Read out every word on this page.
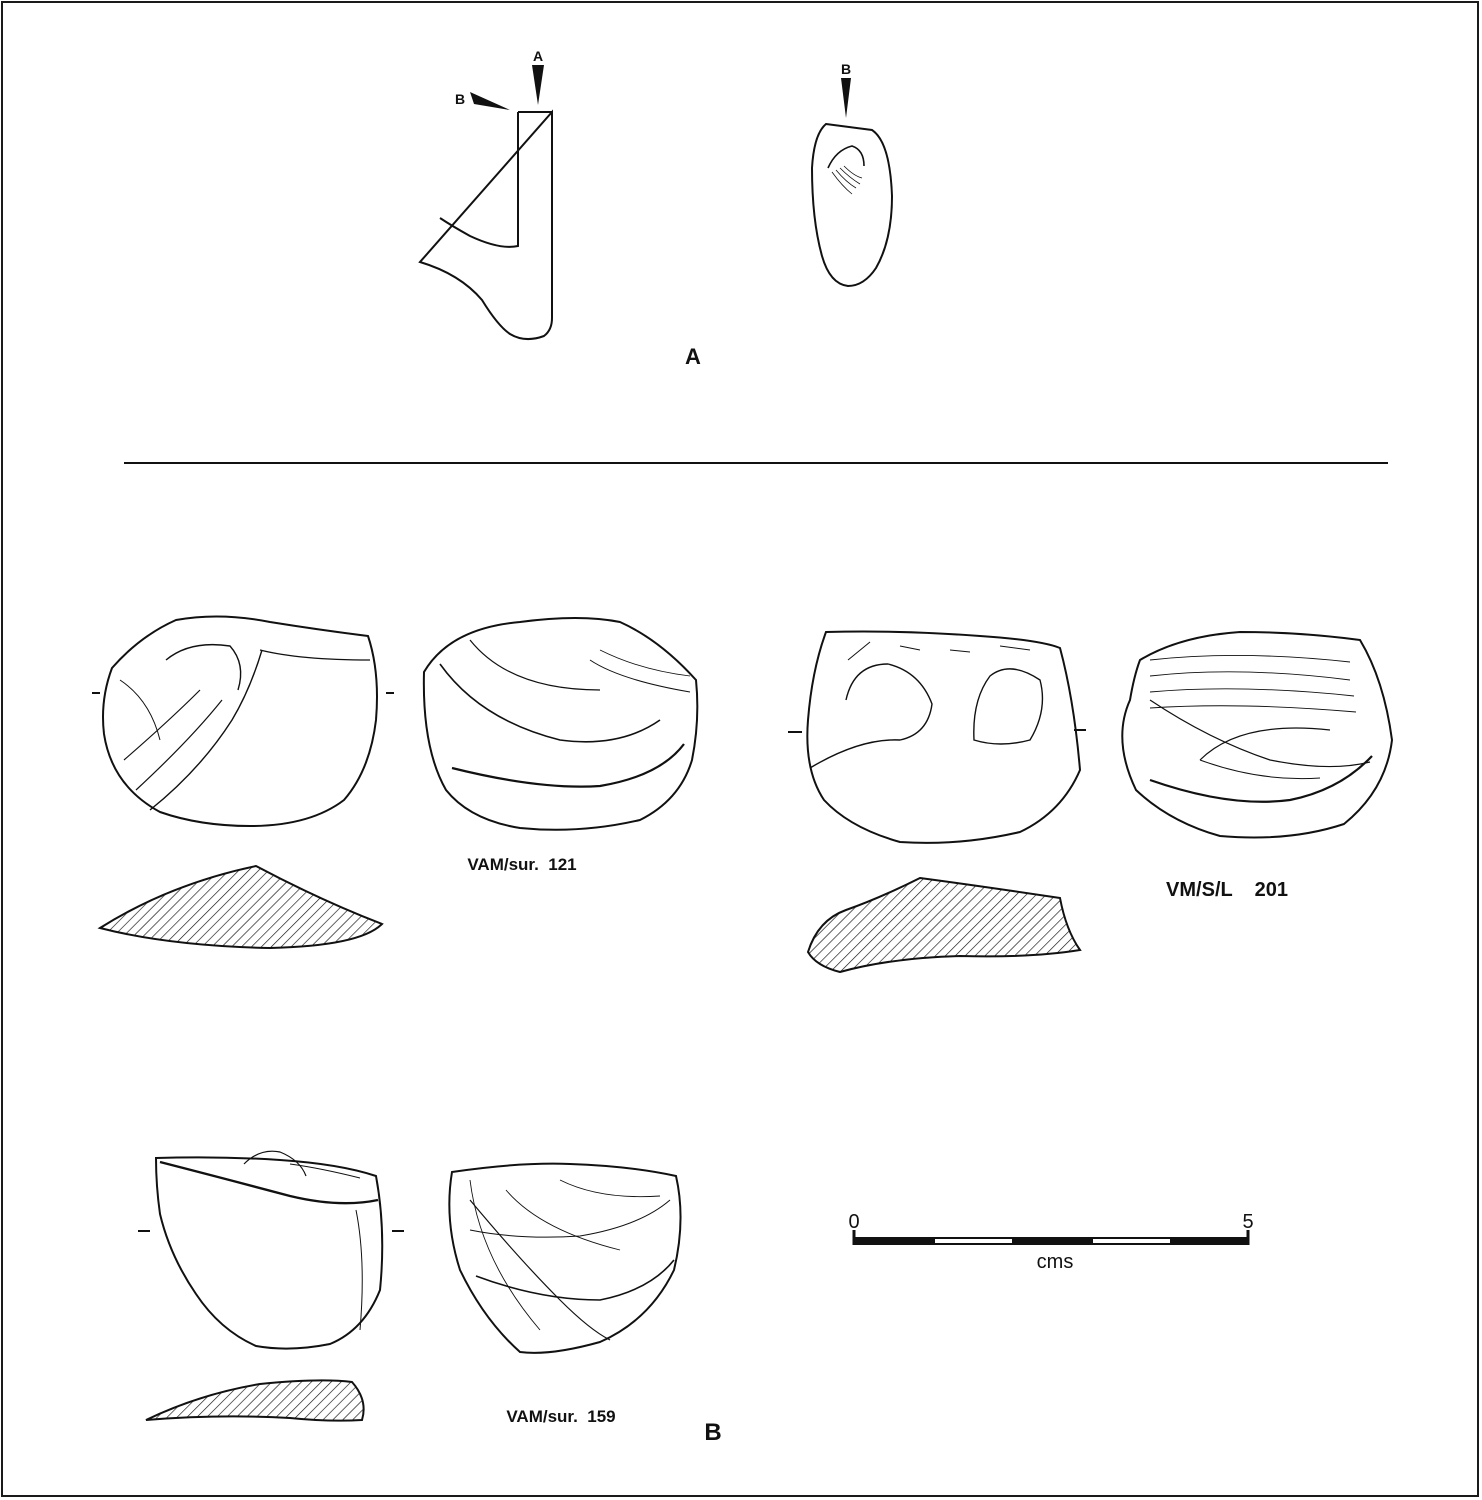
A
B
B
A
VAM/sur.  121
VM/S/L    201
VAM/sur.  159
B
0	5
cms
